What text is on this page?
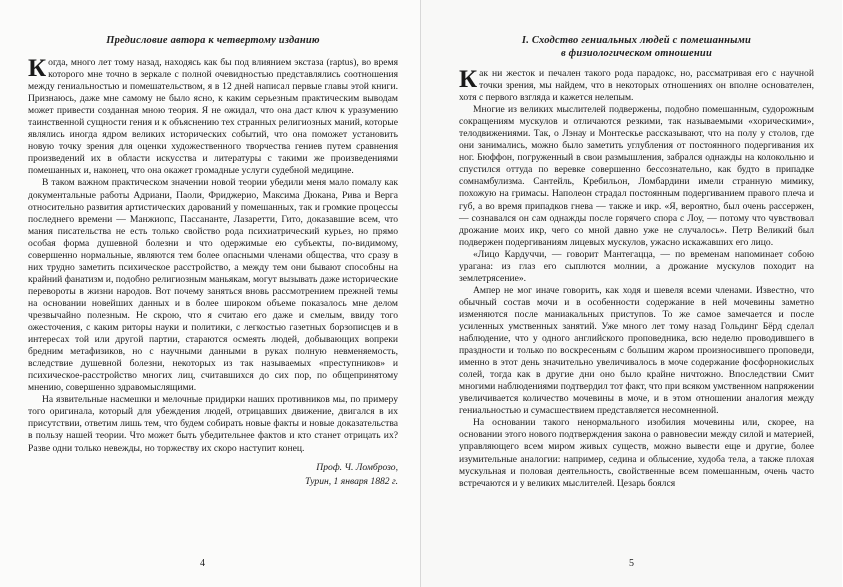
Предисловие автора к четвертому изданию

Когда, много лет тому назад, находясь как бы под влиянием экстаза (raptus), во время которого мне точно в зеркале с полной очевидностью представлялись соотношения между гениальностью и помешательством, я в 12 дней написал первые главы этой книги. Признаюсь, даже мне самому не было ясно, к каким серьезным практическим выводам может привести созданная мною теория. Я не ожидал, что она даст ключ к уразумению таинственной сущности гения и к объяснению тех странных религиозных маний, которые являлись иногда ядром великих исторических событий, что она поможет установить новую точку зрения для оценки художественного творчества гениев путем сравнения произведений их в области искусства и литературы с такими же произведениями помешанных и, наконец, что она окажет громадные услуги судебной медицине.

В таком важном практическом значении новой теории убедили меня мало помалу как документальные работы Адриани, Паоли, Фриджерио, Максима Дюкана, Рива и Верга относительно развития артистических дарований у помешанных, так и громкие процессы последнего времени — Манжиопс, Пассананте, Лазаретти, Гито, доказавшие всем, что мания писательства не есть только свойство рода психиатрический курьез, но прямо особая форма душевной болезни и что одержимые ею субъекты, по-видимому, совершенно нормальные, являются тем более опасными членами общества, что сразу в них трудно заметить психическое расстройство, а между тем они бывают способны на крайний фанатизм и, подобно религиозным маньякам, могут вызывать даже исторические перевороты в жизни народов. Вот почему заняться вновь рассмотрением прежней темы на основании новейших данных и в более широком объеме показалось мне делом чрезвычайно полезным. Не скрою, что я считаю его даже и смелым, ввиду того ожесточения, с каким риторы науки и политики, с легкостью газетных борзописцев и в интересах той или другой партии, стараются осмеять людей, добывающих вопреки бредним метафизиков, но с научными данными в руках полную невменяемость, вследствие душевной болезни, некоторых из так называемых «преступников» и психическое-расстройство многих лиц, считавшихся до сих пор, по общепринятому мнению, совершенно здравомыслящими.

На язвительные насмешки и мелочные придирки наших противников мы, по примеру того оригинала, который для убеждения людей, отрицавших движение, двигался в их присутствии, ответим лишь тем, что будем собирать новые факты и новые доказательства в пользу нашей теории. Что может быть убедительнее фактов и кто станет отрицать их? Разве одни только невежды, но торжеству их скоро наступит конец.

Проф. Ч. Ломброзо,
Турин, 1 января 1882 г.
4
I. Сходство гениальных людей с помешанными
в физиологическом отношении

Как ни жесток и печален такого рода парадокс, но, рассматривая его с научной точки зрения, мы найдем, что в некоторых отношениях он вполне основателен, хотя с первого взгляда и кажется нелепым.

Многие из великих мыслителей подвержены, подобно помешанным, судорожным сокращениям мускулов и отличаются резкими, так называемыми «хорическими», телодвижениями. Так, о Лэнау и Монтескье рассказывают, что на полу у столов, где они занимались, можно было заметить углубления от постоянного подергивания их ног. Бюффон, погруженный в свои размышления, забрался однажды на колокольню и спустился оттуда по веревке совершенно бессознательно, как будто в припадке сомнамбулизма. Сантейль, Кребильон, Ломбардини имели странную мимику, похожую на гримасы. Наполеон страдал постоянным подергиванием правого плеча и губ, а во время припадков гнева — также и икр. «Я, вероятно, был очень рассержен, — сознавался он сам однажды после горячего спора с Лоу, — потому что чувствовал дрожание моих икр, чего со мной давно уже не случалось». Петр Великий был подвержен подергиваниям лицевых мускулов, ужасно искажавших его лицо.

«Лицо Кардуччи, — говорит Мантегацца, — по временам напоминает собою урагана: из глаз его сыплются молнии, а дрожание мускулов походит на землетрясение».

Ампер не мог иначе говорить, как ходя и шевеля всеми членами. Известно, что обычный состав мочи и в особенности содержание в ней мочевины заметно изменяются после маниакальных приступов. То же самое замечается и после усиленных умственных занятий. Уже много лет тому назад Гольдинг Бёрд сделал наблюдение, что у одного английского проповедника, всю неделю проводившего в праздности и только по воскресеньям с большим жаром произносившего проповеди, именно в этот день значительно увеличивалось в моче содержание фосфорнокислых солей, тогда как в другие дни оно было крайне ничтожно. Впоследствии Смит многими наблюдениями подтвердил тот факт, что при всяком умственном напряжении увеличивается количество мочевины в моче, и в этом отношении аналогия между гениальностью и сумасшествием представляется несомненной.

На основании такого ненормального изобилия мочевины или, скорее, на основании этого нового подтверждения закона о равновесии между силой и материей, управляющего всем миром живых существ, можно вывести еще и другие, более изумительные аналогии: например, седина и облысение, худоба тела, а также плохая мускульная и половая деятельность, свойственные всем помешанным, очень часто встречаются и у великих мыслителей. Цезарь боялся

5
